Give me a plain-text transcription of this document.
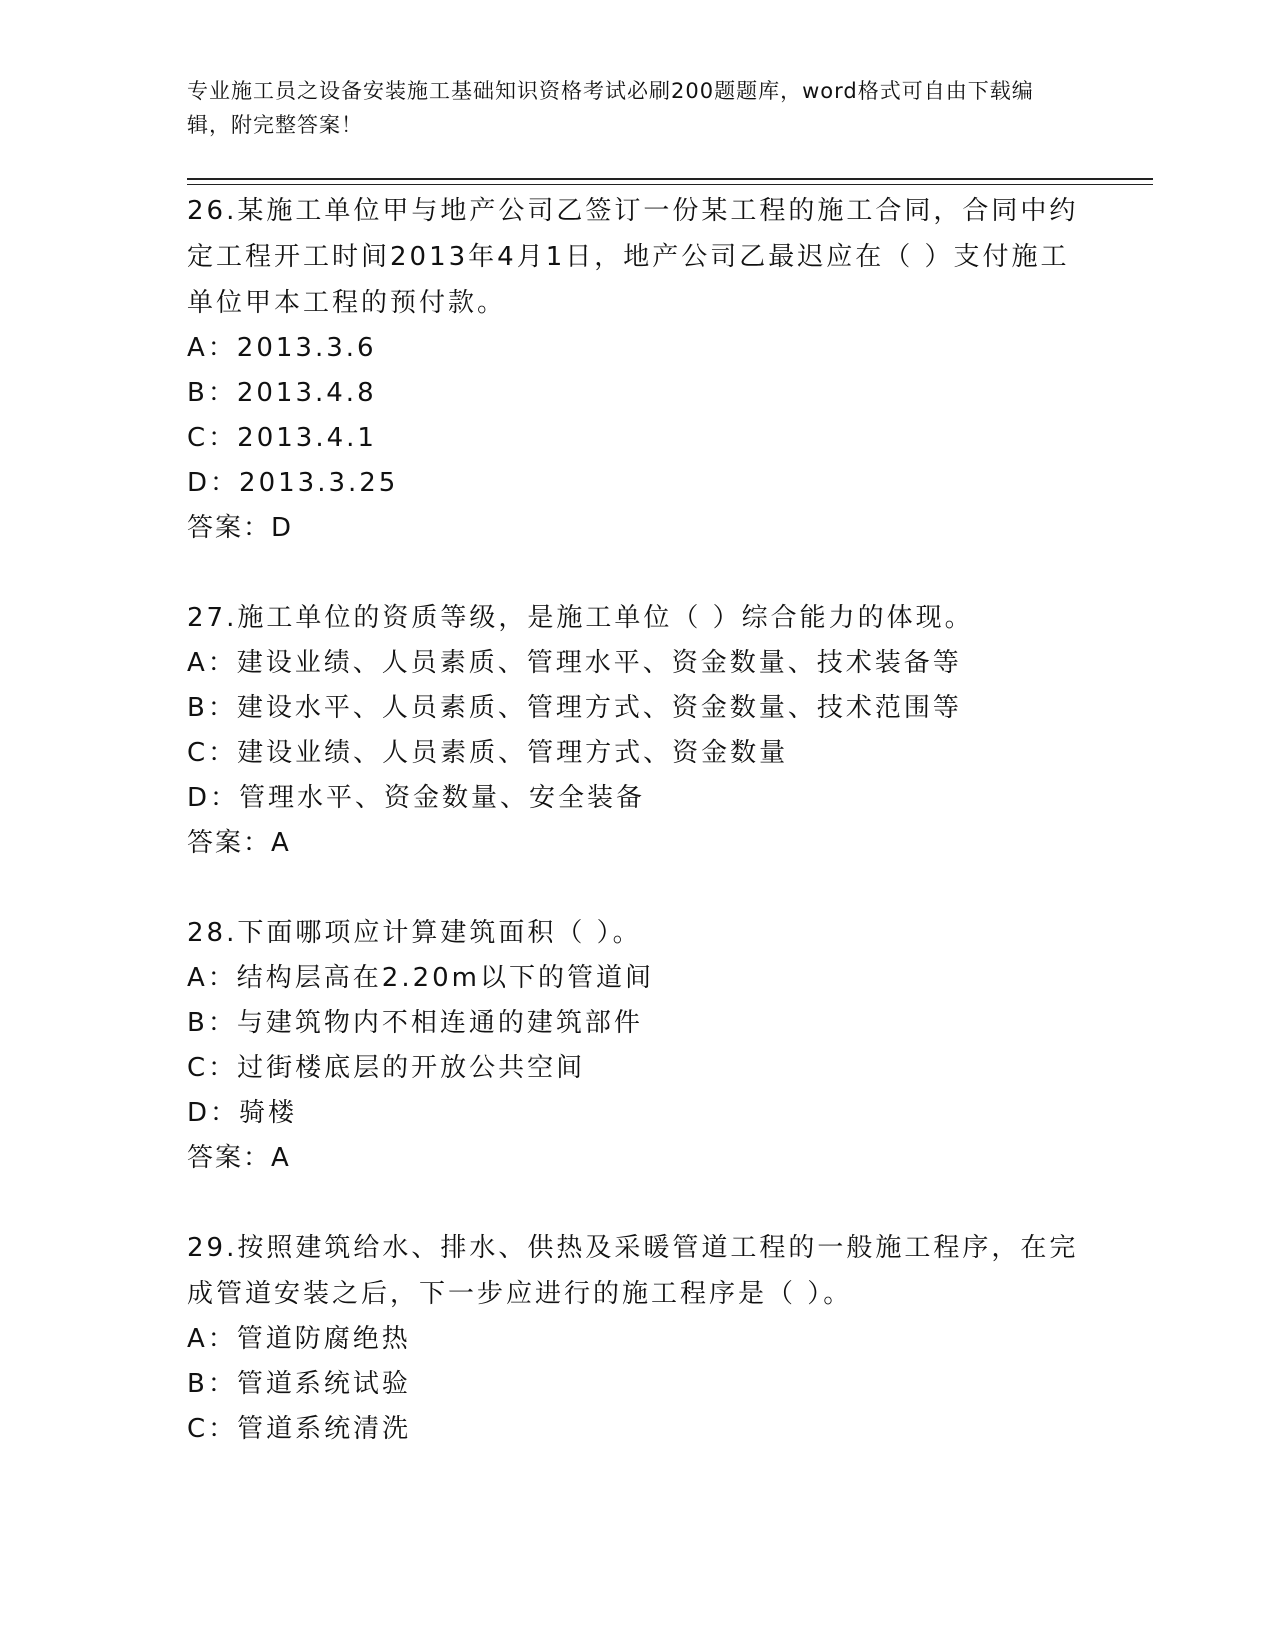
专业施工员之设备安装施工基础知识资格考试必刷200题题库，word格式可自由下载编辑，附完整答案！

26.某施工单位甲与地产公司乙签订一份某工程的施工合同，合同中约定工程开工时间2013年4月1日，地产公司乙最迟应在（ ）支付施工单位甲本工程的预付款。

A：2013.3.6

B：2013.4.8

C：2013.4.1

D：2013.3.25

答案：D

27.施工单位的资质等级，是施工单位（ ）综合能力的体现。

A：建设业绩、人员素质、管理水平、资金数量、技术装备等

B：建设水平、人员素质、管理方式、资金数量、技术范围等

C：建设业绩、人员素质、管理方式、资金数量

D：管理水平、资金数量、安全装备

答案：A

28.下面哪项应计算建筑面积（ ）。

A：结构层高在2.20m以下的管道间

B：与建筑物内不相连通的建筑部件

C：过街楼底层的开放公共空间

D：骑楼

答案：A

29.按照建筑给水、排水、供热及采暖管道工程的一般施工程序，在完成管道安装之后，下一步应进行的施工程序是（ ）。

A：管道防腐绝热

B：管道系统试验

C：管道系统清洗
